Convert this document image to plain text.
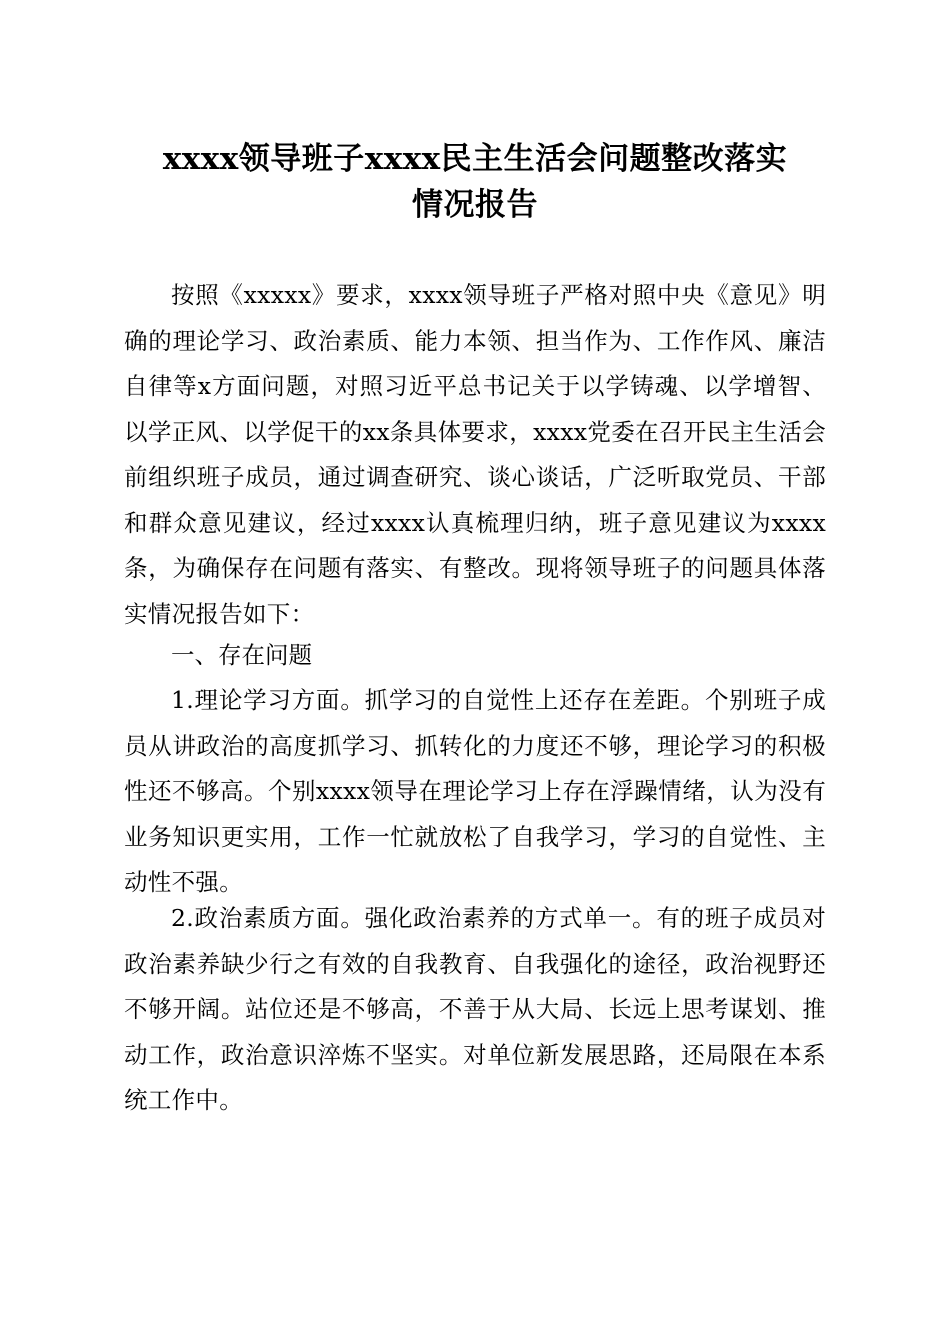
xxxx领导班子xxxx民主生活会问题整改落实
情况报告

按照《xxxxx》要求，xxxx领导班子严格对照中央《意见》明确的理论学习、政治素质、能力本领、担当作为、工作作风、廉洁自律等x方面问题，对照习近平总书记关于以学铸魂、以学增智、以学正风、以学促干的xx条具体要求，xxxx党委在召开民主生活会前组织班子成员，通过调查研究、谈心谈话，广泛听取党员、干部和群众意见建议，经过xxxx认真梳理归纳，班子意见建议为xxxx条，为确保存在问题有落实、有整改。现将领导班子的问题具体落实情况报告如下：

一、存在问题

1.理论学习方面。抓学习的自觉性上还存在差距。个别班子成员从讲政治的高度抓学习、抓转化的力度还不够，理论学习的积极性还不够高。个别xxxx领导在理论学习上存在浮躁情绪，认为没有业务知识更实用，工作一忙就放松了自我学习，学习的自觉性、主动性不强。

2.政治素质方面。强化政治素养的方式单一。有的班子成员对政治素养缺少行之有效的自我教育、自我强化的途径，政治视野还不够开阔。站位还是不够高，不善于从大局、长远上思考谋划、推动工作，政治意识淬炼不坚实。对单位新发展思路，还局限在本系统工作中。
